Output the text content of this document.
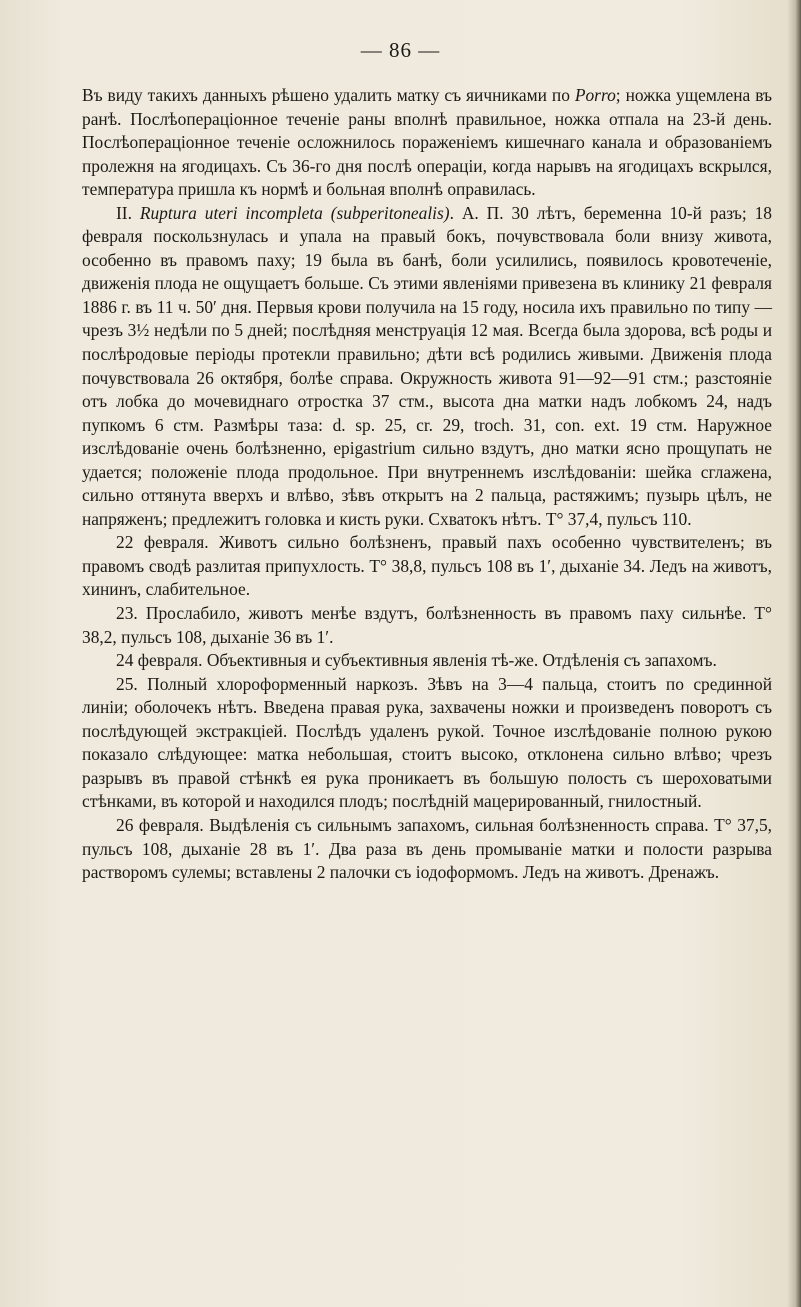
— 86 —

Въ виду такихъ данныхъ рѣшено удалить матку съ яичниками по Porro; ножка ущемлена въ ранѣ. Послѣопераціонное теченіе раны вполнѣ правильное, ножка отпала на 23-й день. Послѣопераціонное теченіе осложнилось пораженіемъ кишечнаго канала и образованіемъ пролежня на ягодицахъ. Съ 36-го дня послѣ операціи, когда нарывъ на ягодицахъ вскрылся, температура пришла къ нормѣ и больная вполнѣ оправилась.

II. Ruptura uteri incompleta (subperitonealis). А. П. 30 лѣтъ, беременна 10-й разъ; 18 февраля поскользнулась и упала на правый бокъ, почувствовала боли внизу живота, особенно въ правомъ паху; 19 была въ банѣ, боли усилились, появилось кровотеченіе, движенія плода не ощущаетъ больше. Съ этими явленіями привезена въ клинику 21 февраля 1886 г. въ 11 ч. 50′ дня. Первыя крови получила на 15 году, носила ихъ правильно по типу — чрезъ 3½ недѣли по 5 дней; послѣдняя менструація 12 мая. Всегда была здорова, всѣ роды и послѣродовые періоды протекли правильно; дѣти всѣ родились живыми. Движенія плода почувствовала 26 октября, болѣе справа. Окружность живота 91—92—91 стм.; разстояніе отъ лобка до мочевиднаго отростка 37 стм., высота дна матки надъ лобкомъ 24, надъ пупкомъ 6 стм. Размѣры таза: d. sp. 25, cr. 29, troch. 31, con. ext. 19 стм. Наружное изслѣдованіе очень болѣзненно, epigastrium сильно вздутъ, дно матки ясно прощупать не удается; положеніе плода продольное. При внутреннемъ изслѣдованіи: шейка сглажена, сильно оттянута вверхъ и влѣво, зѣвъ открытъ на 2 пальца, растяжимъ; пузырь цѣлъ, не напряженъ; предлежитъ головка и кисть руки. Схватокъ нѣтъ. T° 37,4, пульсъ 110.

22 февраля. Животъ сильно болѣзненъ, правый пахъ особенно чувствителенъ; въ правомъ сводѣ разлитая припухлость. T° 38,8, пульсъ 108 въ 1′, дыханіе 34. Ледъ на животъ, хининъ, слабительное.

23. Прослабило, животъ менѣе вздутъ, болѣзненность въ правомъ паху сильнѣе. T° 38,2, пульсъ 108, дыханіе 36 въ 1′.

24 февраля. Объективныя и субъективныя явленія тѣ-же. Отдѣленія съ запахомъ.

25. Полный хлороформенный наркозъ. Зѣвъ на 3—4 пальца, стоитъ по срединной линіи; оболочекъ нѣтъ. Введена правая рука, захвачены ножки и произведенъ поворотъ съ послѣдующей экстракціей. Послѣдъ удаленъ рукой. Точное изслѣдованіе полною рукою показало слѣдующее: матка небольшая, стоитъ высоко, отклонена сильно влѣво; чрезъ разрывъ въ правой стѣнкѣ ея рука проникаетъ въ большую полость съ шероховатыми стѣнками, въ которой и находился плодъ; послѣдній мацерированный, гнилостный.

26 февраля. Выдѣленія съ сильнымъ запахомъ, сильная болѣзненность справа. T° 37,5, пульсъ 108, дыханіе 28 въ 1′. Два раза въ день промываніе матки и полости разрыва растворомъ сулемы; вставлены 2 палочки съ іодоформомъ. Ледъ на животъ. Дренажъ.
